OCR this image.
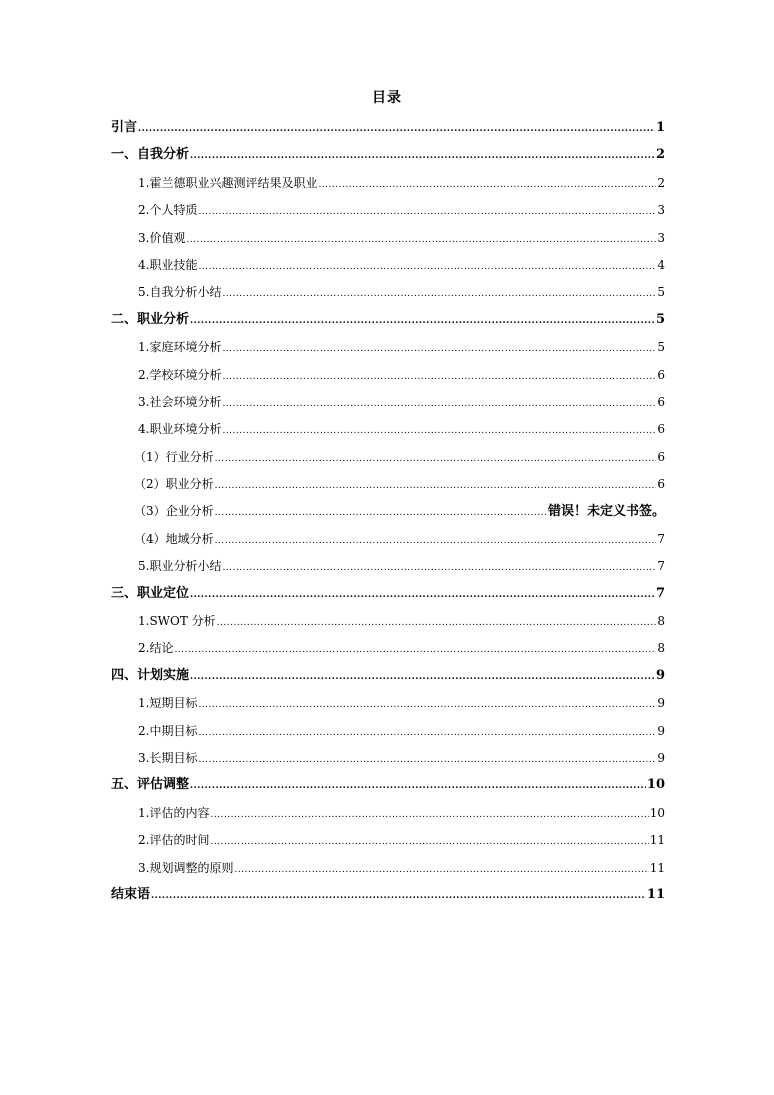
目录
引言 .....	1
一、自我分析 .....	2
1.霍兰德职业兴趣测评结果及职业 .....	2
2.个人特质 .....	3
3.价值观 .....	3
4.职业技能 .....	4
5.自我分析小结 .....	5
二、职业分析 .....	5
1.家庭环境分析 .....	5
2.学校环境分析 .....	6
3.社会环境分析 .....	6
4.职业环境分析 .....	6
（1）行业分析 .....	6
（2）职业分析 .....	6
（3）企业分析 .....	错误！未定义书签。
（4）地域分析 .....	7
5.职业分析小结 .....	7
三、职业定位 .....	7
1.SWOT 分析 .....	8
2.结论 .....	8
四、计划实施 .....	9
1.短期目标 .....	9
2.中期目标 .....	9
3.长期目标 .....	9
五、评估调整 .....	10
1.评估的内容 .....	10
2.评估的时间 .....	11
3.规划调整的原则 .....	11
结束语 .....	11
